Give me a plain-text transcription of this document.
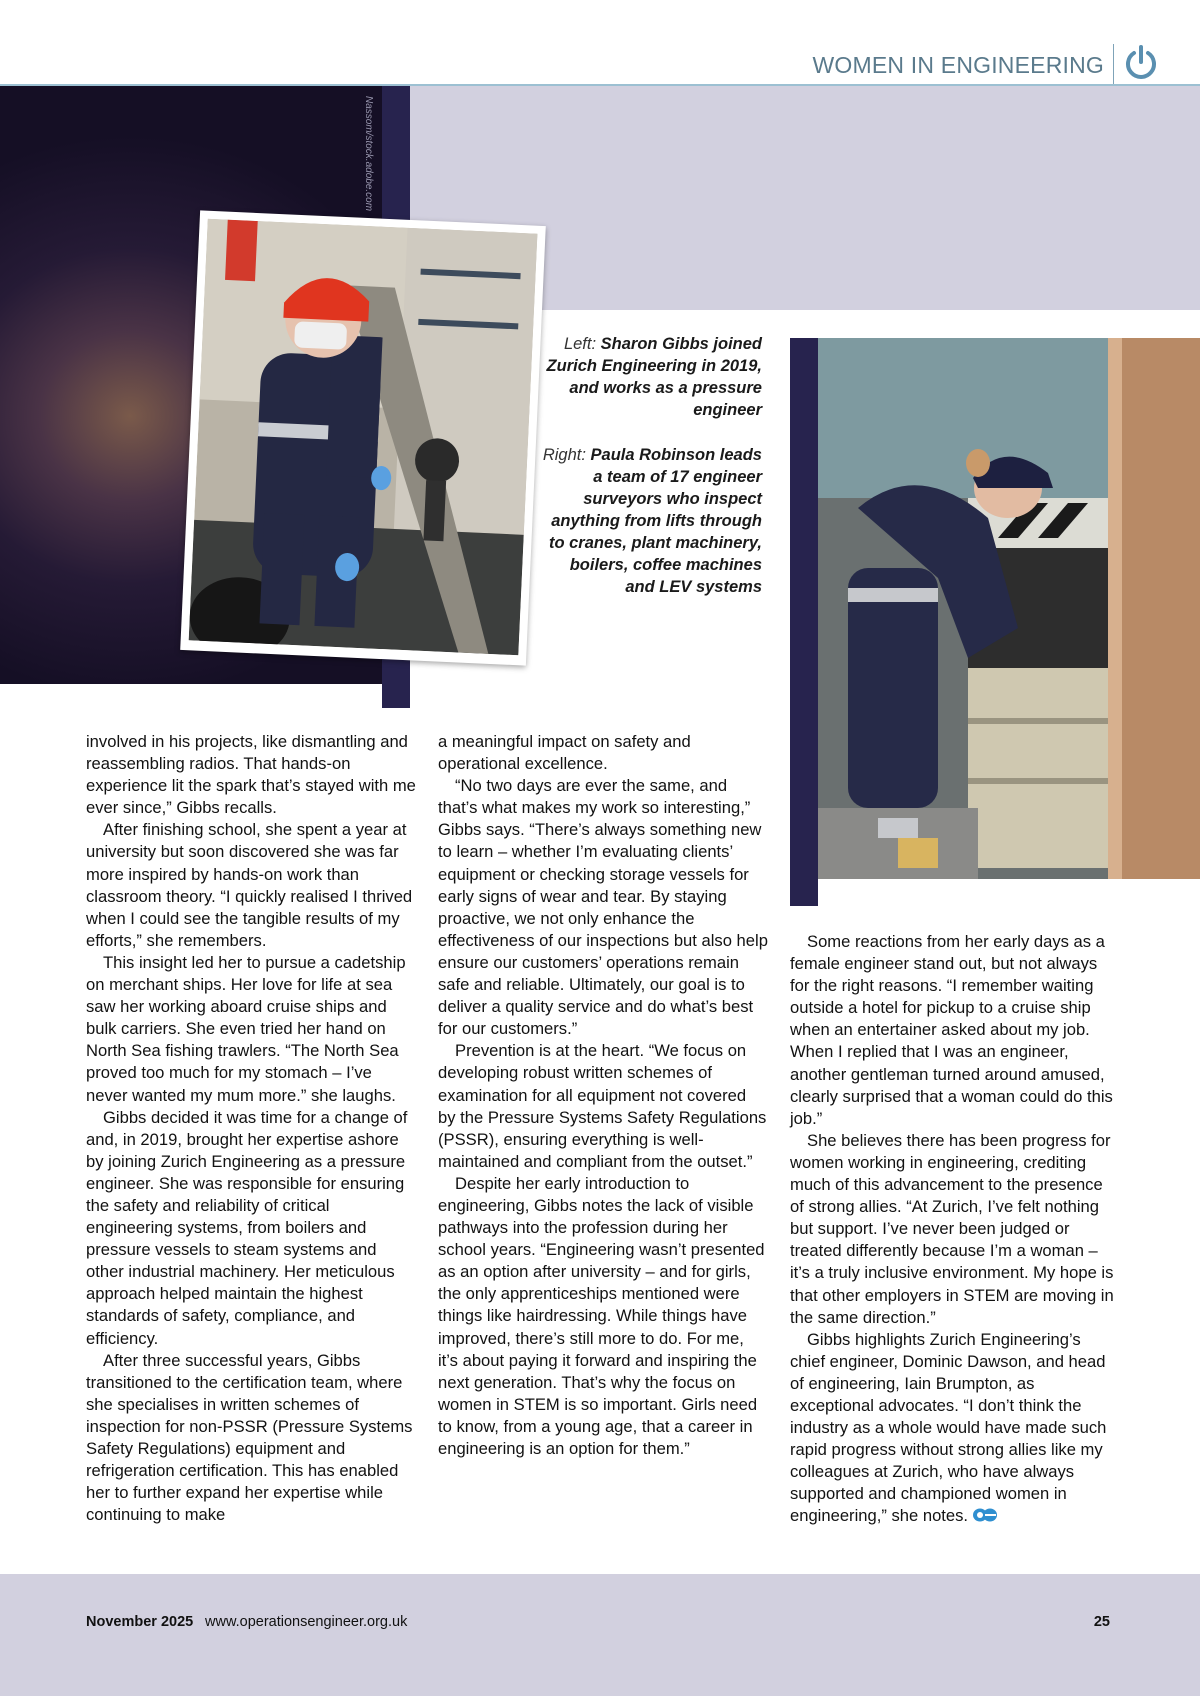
WOMEN IN ENGINEERING
Nassom/stock.adobe.com
Left: Sharon Gibbs joined Zurich Engineering in 2019, and works as a pressure engineer
Right: Paula Robinson leads a team of 17 engineer surveyors who inspect anything from lifts through to cranes, plant machinery, boilers, coffee machines and LEV systems

involved in his projects, like dismantling and reassembling radios. That hands-on experience lit the spark that’s stayed with me ever since,” Gibbs recalls.

After finishing school, she spent a year at university but soon discovered she was far more inspired by hands-on work than classroom theory. “I quickly realised I thrived when I could see the tangible results of my efforts,” she remembers.

This insight led her to pursue a cadetship on merchant ships. Her love for life at sea saw her working aboard cruise ships and bulk carriers. She even tried her hand on North Sea fishing trawlers. “The North Sea proved too much for my stomach – I’ve never wanted my mum more.” she laughs.

Gibbs decided it was time for a change of and, in 2019, brought her expertise ashore by joining Zurich Engineering as a pressure engineer. She was responsible for ensuring the safety and reliability of critical engineering systems, from boilers and pressure vessels to steam systems and other industrial machinery. Her meticulous approach helped maintain the highest standards of safety, compliance, and efficiency.

After three successful years, Gibbs transitioned to the certification team, where she specialises in written schemes of inspection for non-PSSR (Pressure Systems Safety Regulations) equipment and refrigeration certification. This has enabled her to further expand her expertise while continuing to make

a meaningful impact on safety and operational excellence.

“No two days are ever the same, and that’s what makes my work so interesting,” Gibbs says. “There’s always something new to learn – whether I’m evaluating clients’ equipment or checking storage vessels for early signs of wear and tear. By staying proactive, we not only enhance the effectiveness of our inspections but also help ensure our customers’ operations remain safe and reliable. Ultimately, our goal is to deliver a quality service and do what’s best for our customers.”

Prevention is at the heart. “We focus on developing robust written schemes of examination for all equipment not covered by the Pressure Systems Safety Regulations (PSSR), ensuring everything is well-maintained and compliant from the outset.”

Despite her early introduction to engineering, Gibbs notes the lack of visible pathways into the profession during her school years. “Engineering wasn’t presented as an option after university – and for girls, the only apprenticeships mentioned were things like hairdressing. While things have improved, there’s still more to do. For me, it’s about paying it forward and inspiring the next generation. That’s why the focus on women in STEM is so important. Girls need to know, from a young age, that a career in engineering is an option for them.”

Some reactions from her early days as a female engineer stand out, but not always for the right reasons. “I remember waiting outside a hotel for pickup to a cruise ship when an entertainer asked about my job. When I replied that I was an engineer, another gentleman turned around amused, clearly surprised that a woman could do this job.”

She believes there has been progress for women working in engineering, crediting much of this advancement to the presence of strong allies. “At Zurich, I’ve felt nothing but support. I’ve never been judged or treated differently because I’m a woman – it’s a truly inclusive environment. My hope is that other employers in STEM are moving in the same direction.”

Gibbs highlights Zurich Engineering’s chief engineer, Dominic Dawson, and head of engineering, Iain Brumpton, as exceptional advocates. “I don’t think the industry as a whole would have made such rapid progress without strong allies like my colleagues at Zurich, who have always supported and championed women in engineering,” she notes.

November 2025 www.operationsengineer.org.uk	25
